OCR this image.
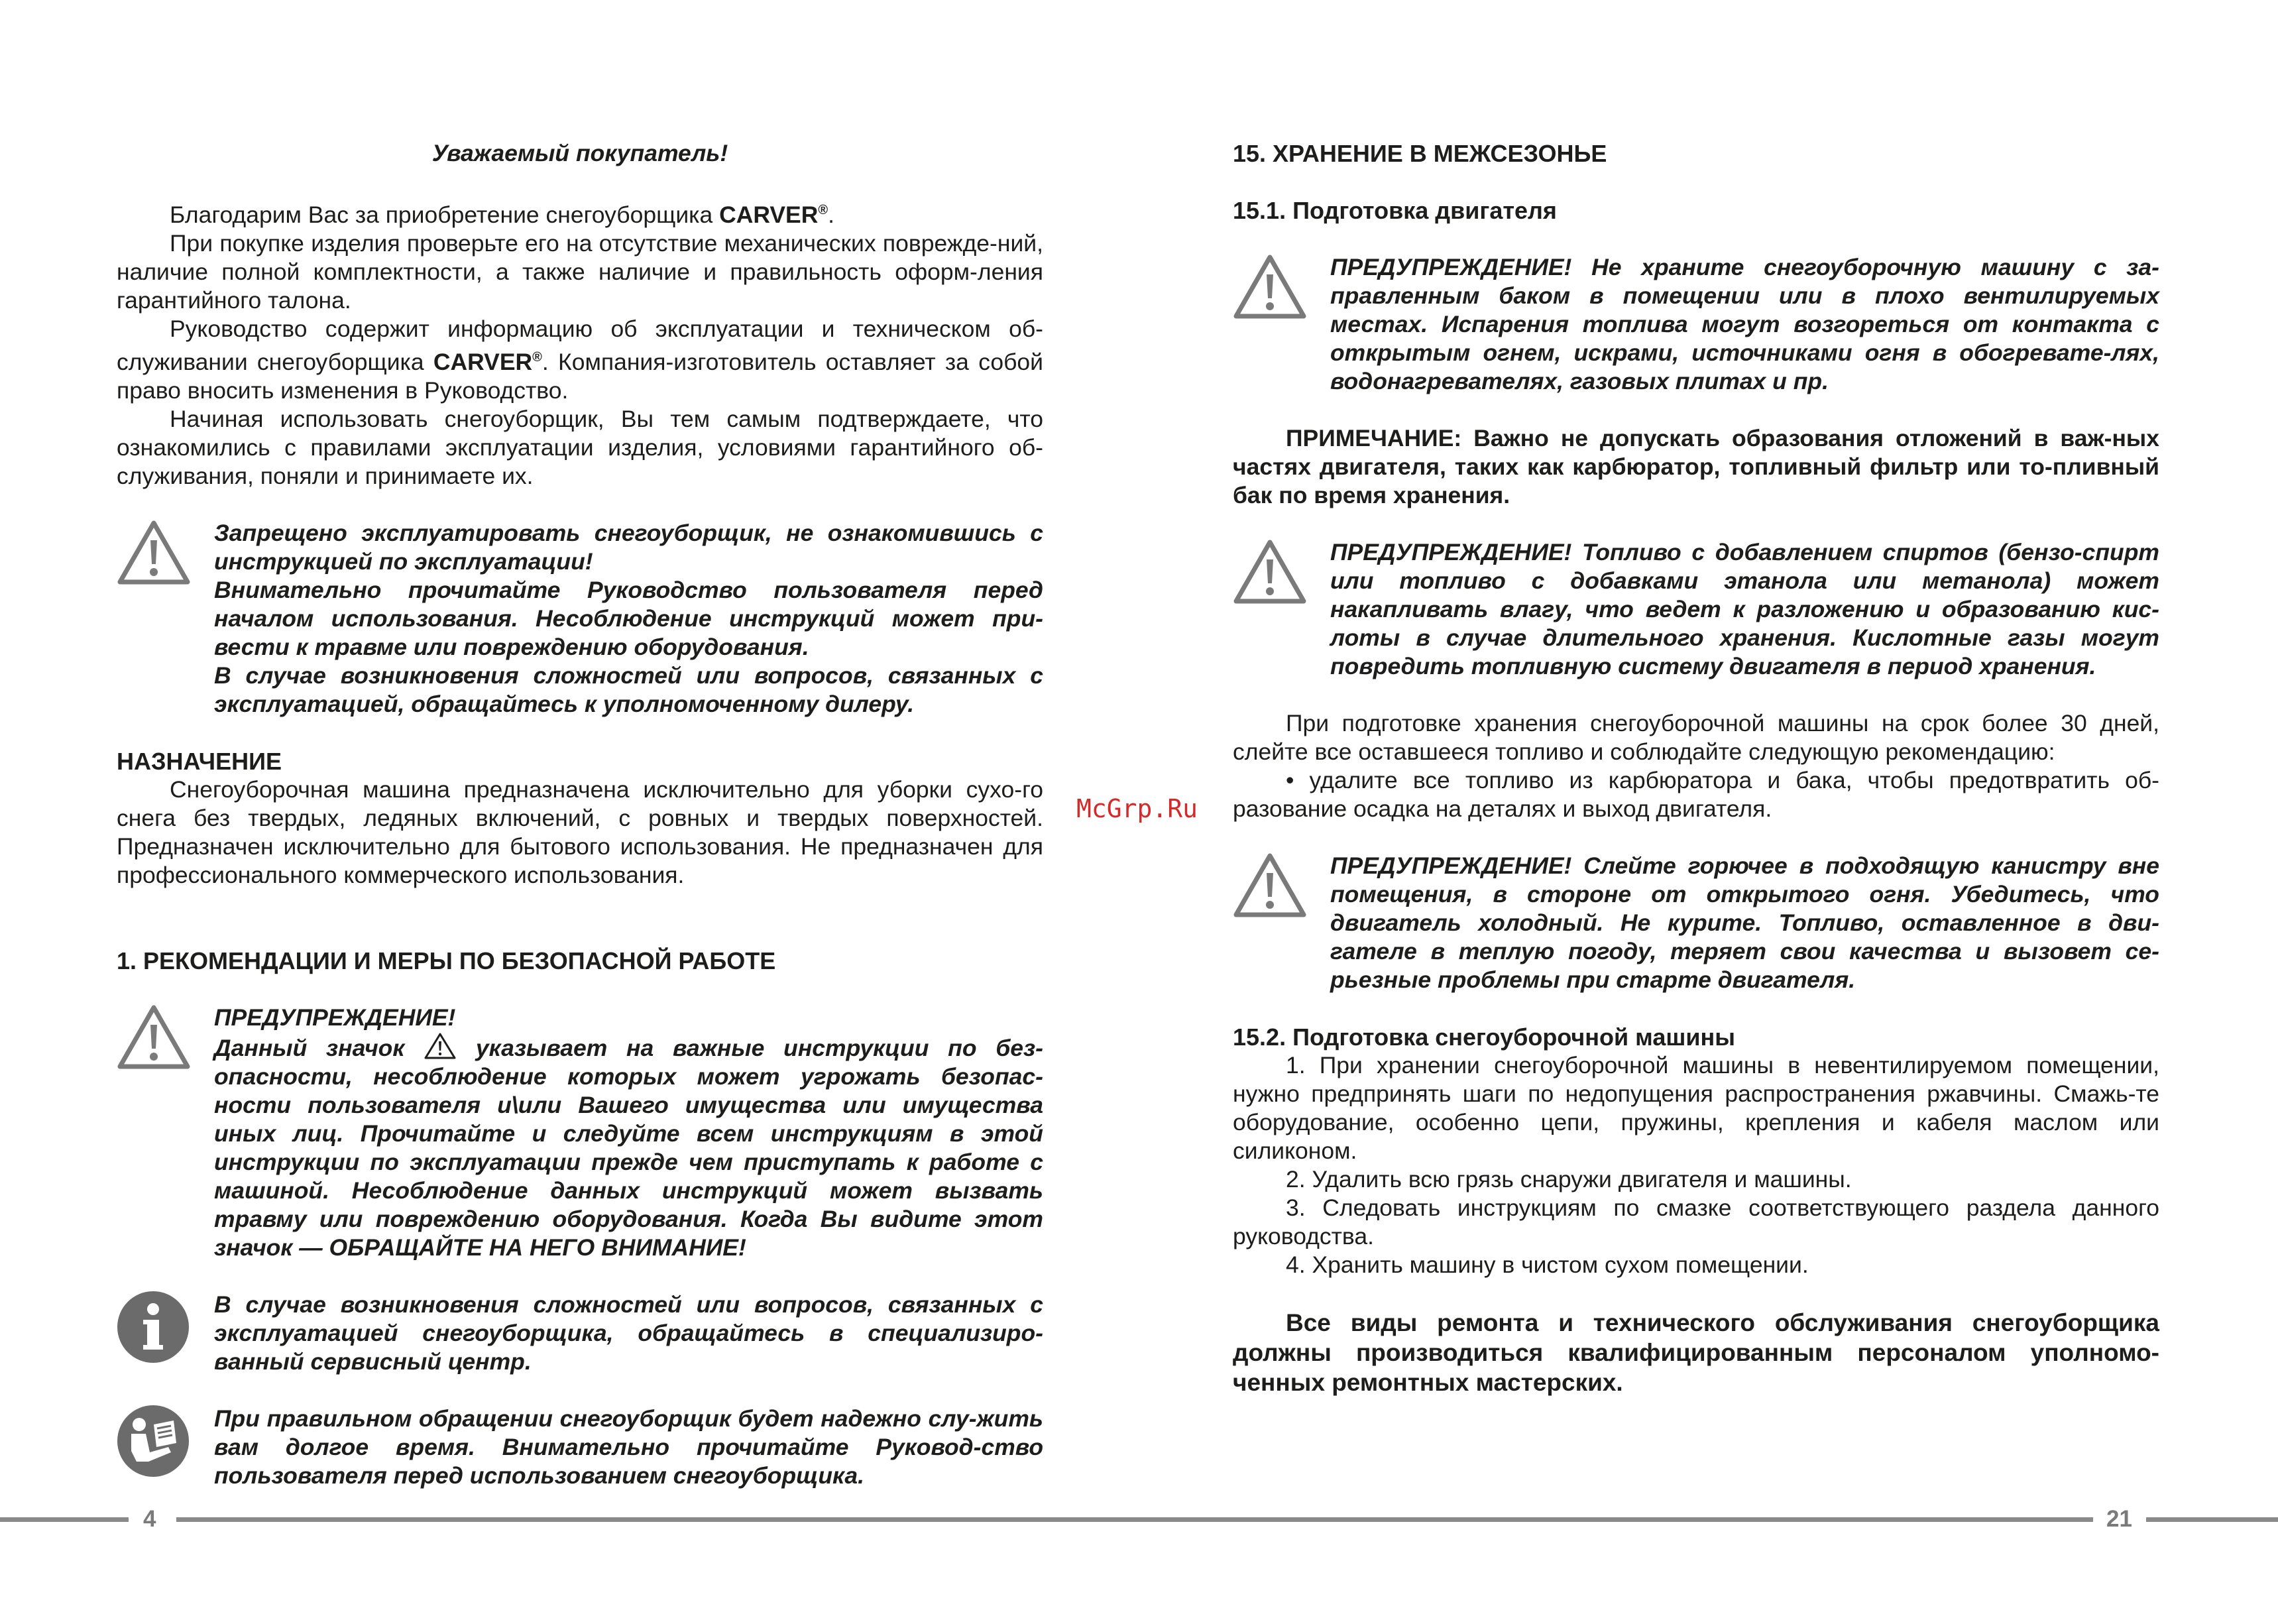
Уважаемый покупатель!

Благодарим Вас за приобретение снегоуборщика CARVER®.

При покупке изделия проверьте его на отсутствие механических поврежде-ний, наличие полной комплектности, а также наличие и правильность оформ-ления гарантийного талона.

Руководство содержит информацию об эксплуатации и техническом об-служивании снегоуборщика CARVER®. Компания-изготовитель оставляет за собой право вносить изменения в Руководство.

Начиная использовать снегоуборщик, Вы тем самым подтверждаете, что ознакомились с правилами эксплуатации изделия, условиями гарантийного об-служивания, поняли и принимаете их.

Запрещено эксплуатировать снегоуборщик, не ознакомившись с инструкцией по эксплуатации!

Внимательно прочитайте Руководство пользователя перед началом использования. Несоблюдение инструкций может при-вести к травме или повреждению оборудования.

В случае возникновения сложностей или вопросов, связанных с эксплуатацией, обращайтесь к уполномоченному дилеру.

НАЗНАЧЕНИЕ

Снегоуборочная машина предназначена исключительно для уборки сухо-го снега без твердых, ледяных включений, с ровных и твердых поверхностей. Предназначен исключительно для бытового использования. Не предназначен для профессионального коммерческого использования.

1. РЕКОМЕНДАЦИИ И МЕРЫ ПО БЕЗОПАСНОЙ РАБОТЕ

ПРЕДУПРЕЖДЕНИЕ!

Данный значок  указывает на важные инструкции по без-опасности, несоблюдение которых может угрожать безопас-ности пользователя и\или Вашего имущества или имущества иных лиц. Прочитайте и следуйте всем инструкциям в этой инструкции по эксплуатации прежде чем приступать к работе с машиной. Несоблюдение данных инструкций может вызвать травму или повреждению оборудования. Когда Вы видите этот значок — ОБРАЩАЙТЕ НА НЕГО ВНИМАНИЕ!

В случае возникновения сложностей или вопросов, связанных с эксплуатацией снегоуборщика, обращайтесь в специализиро-ванный сервисный центр.

При правильном обращении снегоуборщик будет надежно слу-жить вам долгое время. Внимательно прочитайте Руковод-ство пользователя перед использованием снегоуборщика.

15. ХРАНЕНИЕ В МЕЖСЕЗОНЬЕ
15.1. Подготовка двигателя

ПРЕДУПРЕЖДЕНИЕ! Не храните снегоуборочную машину с за-правленным баком в помещении или в плохо вентилируемых местах. Испарения топлива могут возгореться от контакта с открытым огнем, искрами, источниками огня в обогревате-лях, водонагревателях, газовых плитах и пр.

ПРИМЕЧАНИЕ: Важно не допускать образования отложений в важ-ных частях двигателя, таких как карбюратор, топливный фильтр или то-пливный бак по время хранения.

ПРЕДУПРЕЖДЕНИЕ! Топливо с добавлением спиртов (бензо-спирт или топливо с добавками этанола или метанола) может накапливать влагу, что ведет к разложению и образованию кис-лоты в случае длительного хранения. Кислотные газы могут повредить топливную систему двигателя в период хранения.

При подготовке хранения снегоуборочной машины на срок более 30 дней, слейте все оставшееся топливо и соблюдайте следующую рекомендацию:

• удалите все топливо из карбюратора и бака, чтобы предотвратить об-разование осадка на деталях и выход двигателя.

ПРЕДУПРЕЖДЕНИЕ! Слейте горючее в подходящую канистру вне помещения, в стороне от открытого огня. Убедитесь, что двигатель холодный. Не курите. Топливо, оставленное в дви-гателе в теплую погоду, теряет свои качества и вызовет се-рьезные проблемы при старте двигателя.

15.2. Подготовка снегоуборочной машины

1. При хранении снегоуборочной машины в невентилируемом помещении, нужно предпринять шаги по недопущения распространения ржавчины. Смажь-те оборудование, особенно цепи, пружины, крепления и кабеля маслом или силиконом.

2. Удалить всю грязь снаружи двигателя и машины.

3. Следовать инструкциям по смазке соответствующего раздела данного руководства.

4. Хранить машину в чистом сухом помещении.

Все виды ремонта и технического обслуживания снегоуборщика должны производиться квалифицированным персоналом уполномо-ченных ремонтных мастерских.

McGrp.Ru
4	21
